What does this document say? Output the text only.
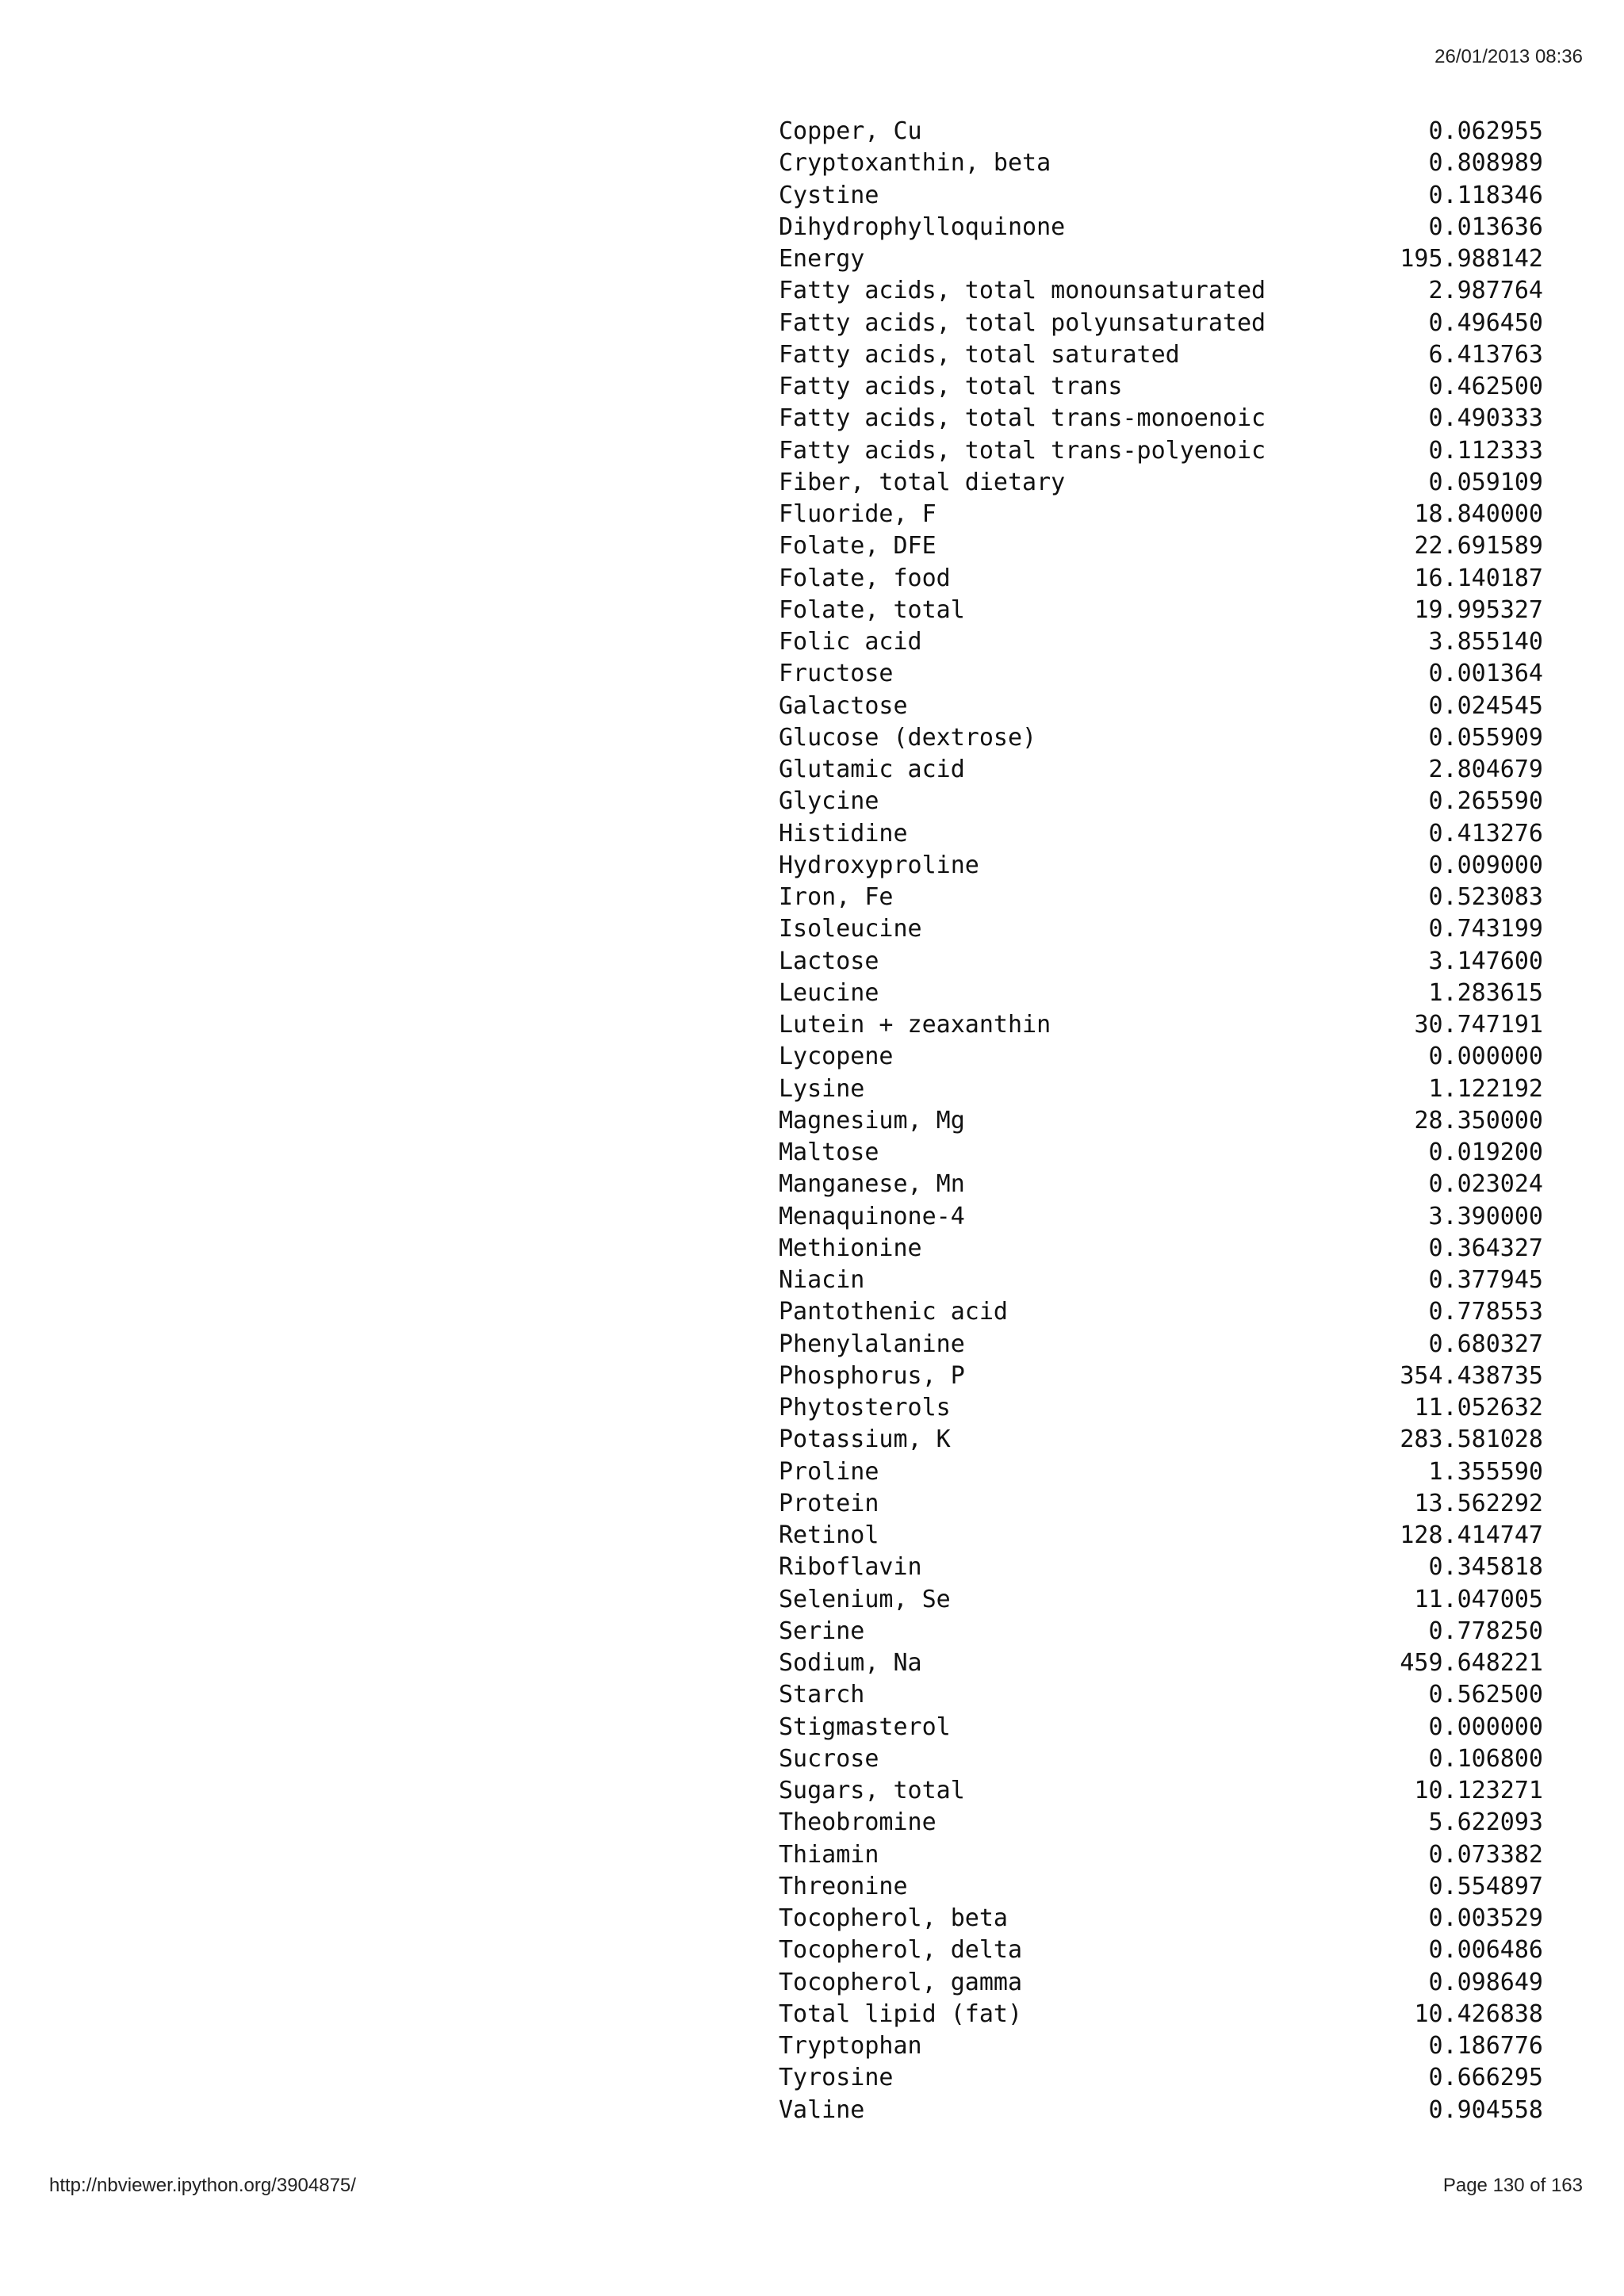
26/01/2013 08:36
Copper, Cu	0.062955
Cryptoxanthin, beta	0.808989
Cystine	0.118346
Dihydrophylloquinone	0.013636
Energy	195.988142
Fatty acids, total monounsaturated	2.987764
Fatty acids, total polyunsaturated	0.496450
Fatty acids, total saturated	6.413763
Fatty acids, total trans	0.462500
Fatty acids, total trans-monoenoic	0.490333
Fatty acids, total trans-polyenoic	0.112333
Fiber, total dietary	0.059109
Fluoride, F	18.840000
Folate, DFE	22.691589
Folate, food	16.140187
Folate, total	19.995327
Folic acid	3.855140
Fructose	0.001364
Galactose	0.024545
Glucose (dextrose)	0.055909
Glutamic acid	2.804679
Glycine	0.265590
Histidine	0.413276
Hydroxyproline	0.009000
Iron, Fe	0.523083
Isoleucine	0.743199
Lactose	3.147600
Leucine	1.283615
Lutein + zeaxanthin	30.747191
Lycopene	0.000000
Lysine	1.122192
Magnesium, Mg	28.350000
Maltose	0.019200
Manganese, Mn	0.023024
Menaquinone-4	3.390000
Methionine	0.364327
Niacin	0.377945
Pantothenic acid	0.778553
Phenylalanine	0.680327
Phosphorus, P	354.438735
Phytosterols	11.052632
Potassium, K	283.581028
Proline	1.355590
Protein	13.562292
Retinol	128.414747
Riboflavin	0.345818
Selenium, Se	11.047005
Serine	0.778250
Sodium, Na	459.648221
Starch	0.562500
Stigmasterol	0.000000
Sucrose	0.106800
Sugars, total	10.123271
Theobromine	5.622093
Thiamin	0.073382
Threonine	0.554897
Tocopherol, beta	0.003529
Tocopherol, delta	0.006486
Tocopherol, gamma	0.098649
Total lipid (fat)	10.426838
Tryptophan	0.186776
Tyrosine	0.666295
Valine	0.904558
http://nbviewer.ipython.org/3904875/	Page 130 of 163
